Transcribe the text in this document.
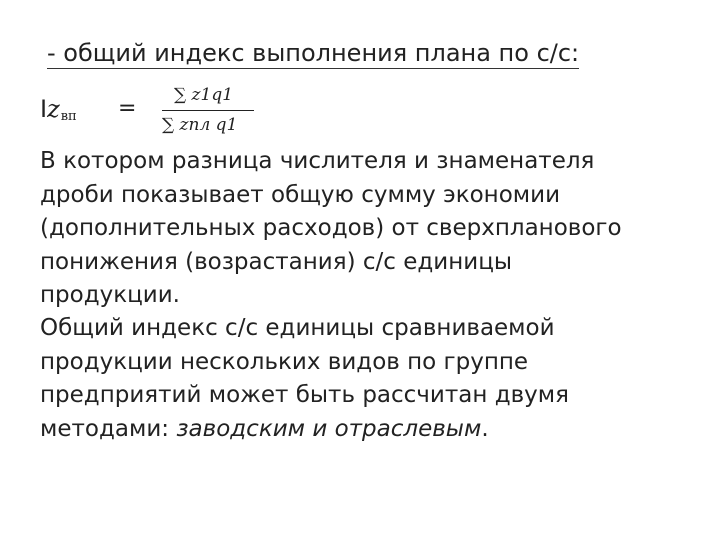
- общий индекс выполнения плана по с/с:
Izвп =
∑ z1q1
∑ zпл q1
В котором разница числителя и знаменателя
дроби показывает общую сумму экономии
(дополнительных расходов) от сверхпланового
понижения (возрастания) с/с единицы
продукции.
Общий индекс с/с единицы сравниваемой
продукции нескольких видов по группе
предприятий может быть рассчитан двумя
методами: заводским и отраслевым.
